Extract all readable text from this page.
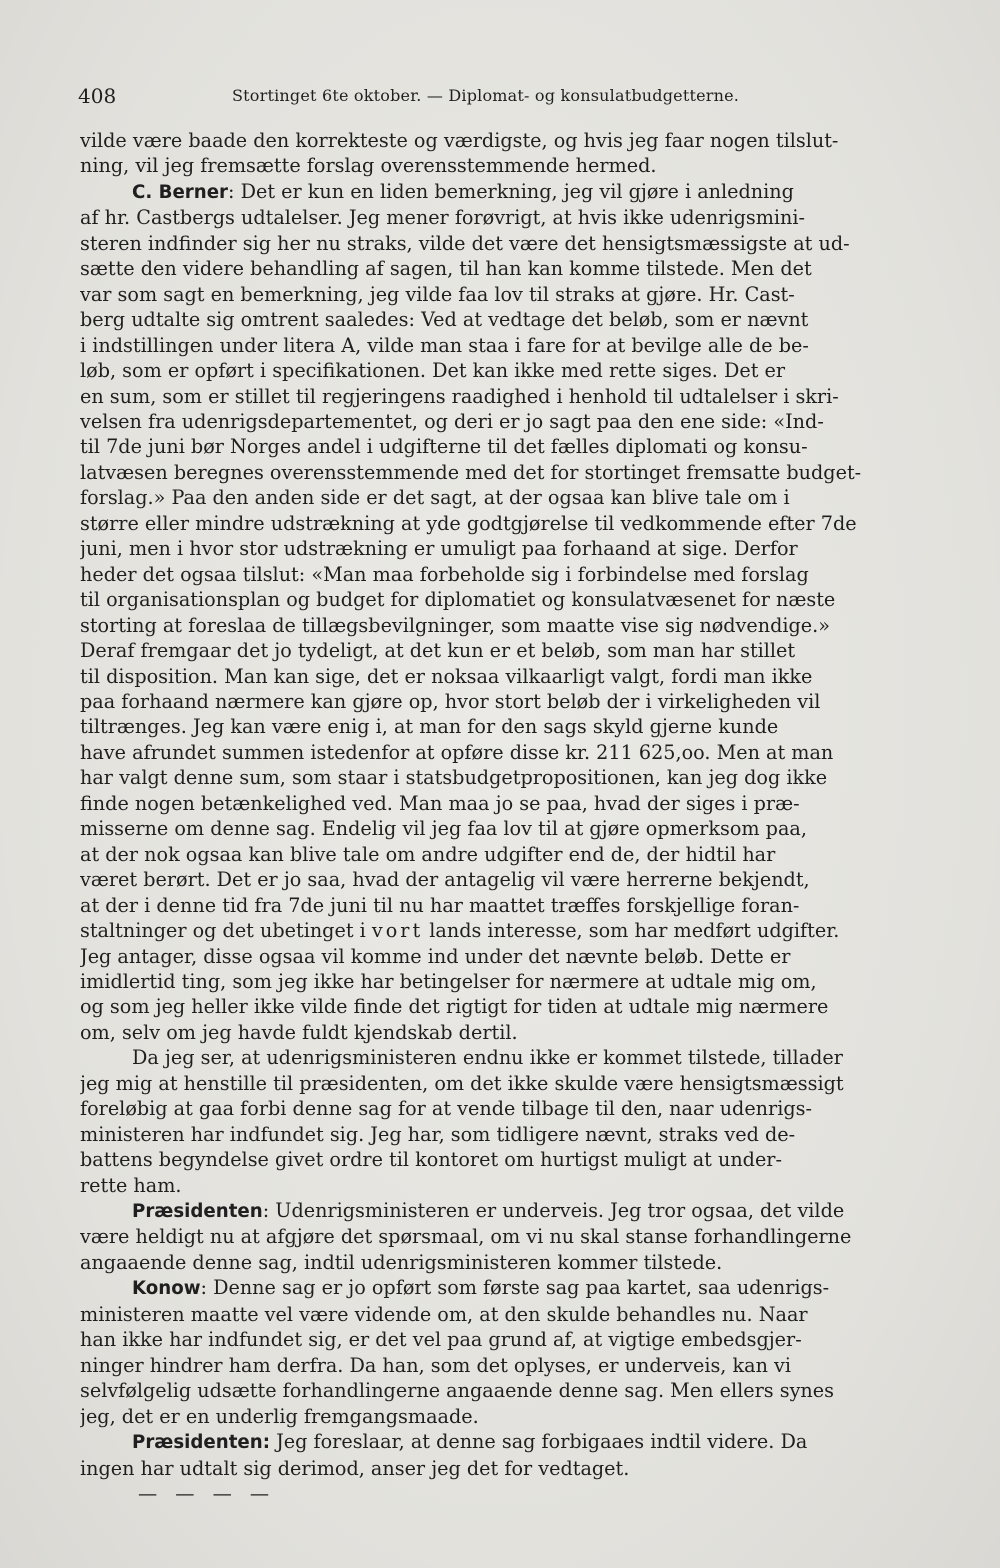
408	Stortinget 6te oktober. — Diplomat- og konsulatbudgetterne.
vilde være baade den korrekteste og værdigste, og hvis jeg faar nogen tilslut-
ning, vil jeg fremsætte forslag overensstemmende hermed.
C. Berner: Det er kun en liden bemerkning, jeg vil gjøre i anledning
af hr. Castbergs udtalelser. Jeg mener forøvrigt, at hvis ikke udenrigsmini-
steren indfinder sig her nu straks, vilde det være det hensigtsmæssigste at ud-
sætte den videre behandling af sagen, til han kan komme tilstede. Men det
var som sagt en bemerkning, jeg vilde faa lov til straks at gjøre. Hr. Cast-
berg udtalte sig omtrent saaledes: Ved at vedtage det beløb, som er nævnt
i indstillingen under litera A, vilde man staa i fare for at bevilge alle de be-
løb, som er opført i specifikationen. Det kan ikke med rette siges. Det er
en sum, som er stillet til regjeringens raadighed i henhold til udtalelser i skri-
velsen fra udenrigsdepartementet, og deri er jo sagt paa den ene side: «Ind-
til 7de juni bør Norges andel i udgifterne til det fælles diplomati og konsu-
latvæsen beregnes overensstemmende med det for stortinget fremsatte budget-
forslag.» Paa den anden side er det sagt, at der ogsaa kan blive tale om i
større eller mindre udstrækning at yde godtgjørelse til vedkommende efter 7de
juni, men i hvor stor udstrækning er umuligt paa forhaand at sige. Derfor
heder det ogsaa tilslut: «Man maa forbeholde sig i forbindelse med forslag
til organisationsplan og budget for diplomatiet og konsulatvæsenet for næste
storting at foreslaa de tillægsbevilgninger, som maatte vise sig nødvendige.»
Deraf fremgaar det jo tydeligt, at det kun er et beløb, som man har stillet
til disposition. Man kan sige, det er noksaa vilkaarligt valgt, fordi man ikke
paa forhaand nærmere kan gjøre op, hvor stort beløb der i virkeligheden vil
tiltrænges. Jeg kan være enig i, at man for den sags skyld gjerne kunde
have afrundet summen istedenfor at opføre disse kr. 211 625,oo. Men at man
har valgt denne sum, som staar i statsbudgetpropositionen, kan jeg dog ikke
finde nogen betænkelighed ved. Man maa jo se paa, hvad der siges i præ-
misserne om denne sag. Endelig vil jeg faa lov til at gjøre opmerksom paa,
at der nok ogsaa kan blive tale om andre udgifter end de, der hidtil har
været berørt. Det er jo saa, hvad der antagelig vil være herrerne bekjendt,
at der i denne tid fra 7de juni til nu har maattet træffes forskjellige foran-
staltninger og det ubetinget i vort lands interesse, som har medført udgifter.
Jeg antager, disse ogsaa vil komme ind under det nævnte beløb. Dette er
imidlertid ting, som jeg ikke har betingelser for nærmere at udtale mig om,
og som jeg heller ikke vilde finde det rigtigt for tiden at udtale mig nærmere
om, selv om jeg havde fuldt kjendskab dertil.
Da jeg ser, at udenrigsministeren endnu ikke er kommet tilstede, tillader
jeg mig at henstille til præsidenten, om det ikke skulde være hensigtsmæssigt
foreløbig at gaa forbi denne sag for at vende tilbage til den, naar udenrigs-
ministeren har indfundet sig. Jeg har, som tidligere nævnt, straks ved de-
battens begyndelse givet ordre til kontoret om hurtigst muligt at under-
rette ham.
Præsidenten: Udenrigsministeren er underveis. Jeg tror ogsaa, det vilde
være heldigt nu at afgjøre det spørsmaal, om vi nu skal stanse forhandlingerne
angaaende denne sag, indtil udenrigsministeren kommer tilstede.
Konow: Denne sag er jo opført som første sag paa kartet, saa udenrigs-
ministeren maatte vel være vidende om, at den skulde behandles nu. Naar
han ikke har indfundet sig, er det vel paa grund af, at vigtige embedsgjer-
ninger hindrer ham derfra. Da han, som det oplyses, er underveis, kan vi
selvfølgelig udsætte forhandlingerne angaaende denne sag. Men ellers synes
jeg, det er en underlig fremgangsmaade.
Præsidenten: Jeg foreslaar, at denne sag forbigaaes indtil videre. Da
ingen har udtalt sig derimod, anser jeg det for vedtaget.
— — — —
